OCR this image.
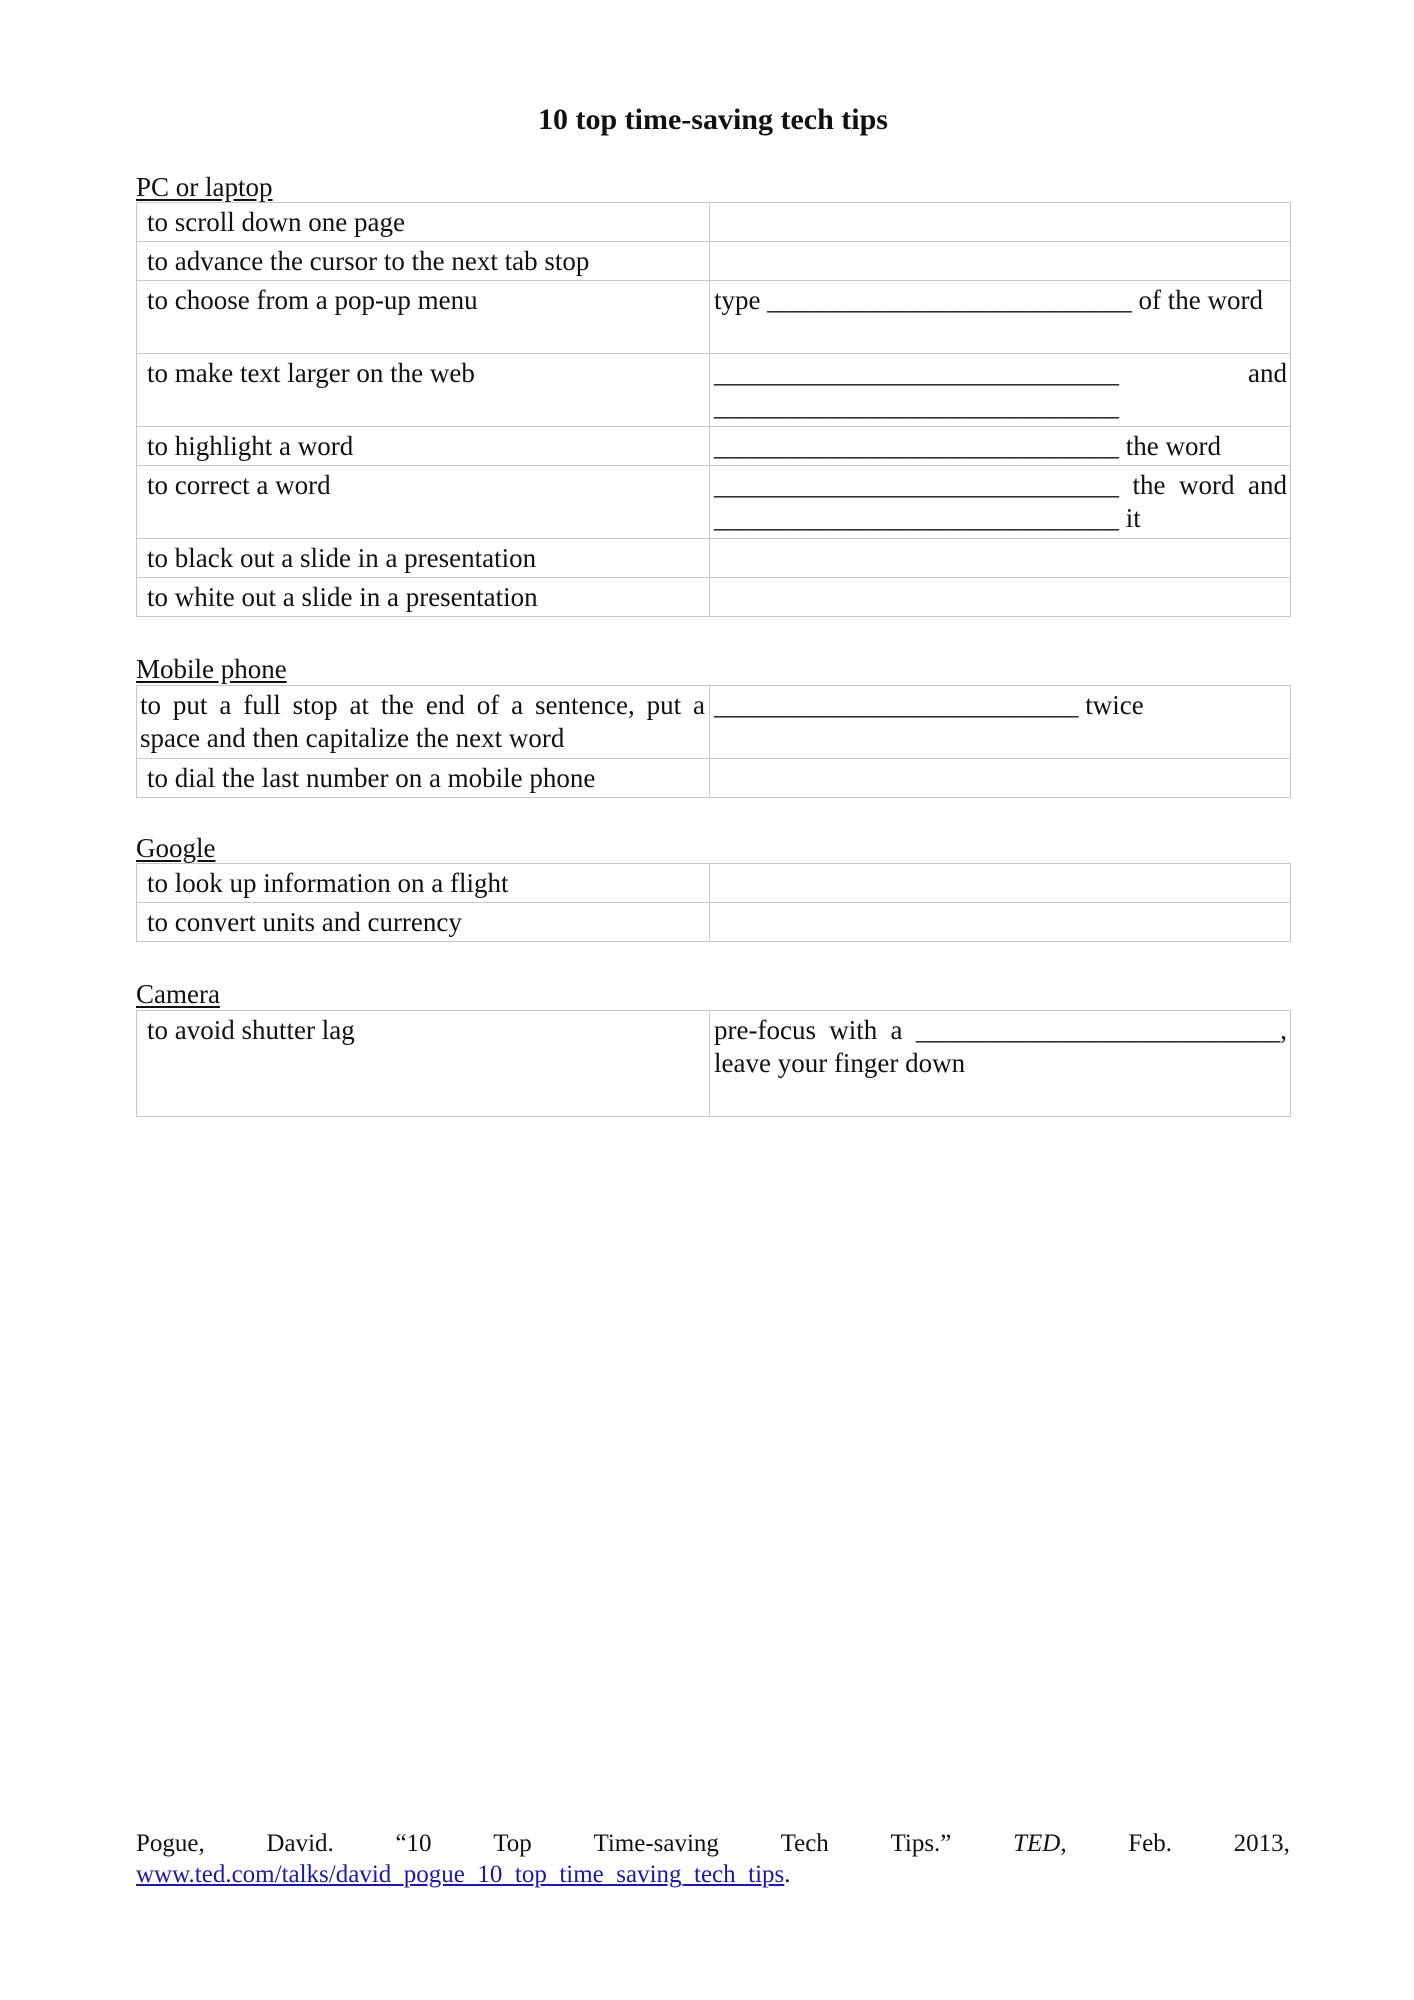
10 top time-saving tech tips
PC or laptop
to scroll down one page	
to advance the cursor to the next tab stop	
to choose from a pop-up menu	type ___________________________ of the word
to make text larger on the web	______________________________ and ______________________________
to highlight a word	______________________________ the word
to correct a word	______________________________ the word and ______________________________ it
to black out a slide in a presentation	
to white out a slide in a presentation	
Mobile phone
to put a full stop at the end of a sentence, put a space and then capitalize the next word	___________________________ twice
to dial the last number on a mobile phone	
Google
to look up information on a flight	
to convert units and currency	
Camera
to avoid shutter lag	pre-focus with a ___________________________, leave your finger down
Pogue, David. “10 Top Time-saving Tech Tips.” TED, Feb. 2013,
www.ted.com/talks/david_pogue_10_top_time_saving_tech_tips.
